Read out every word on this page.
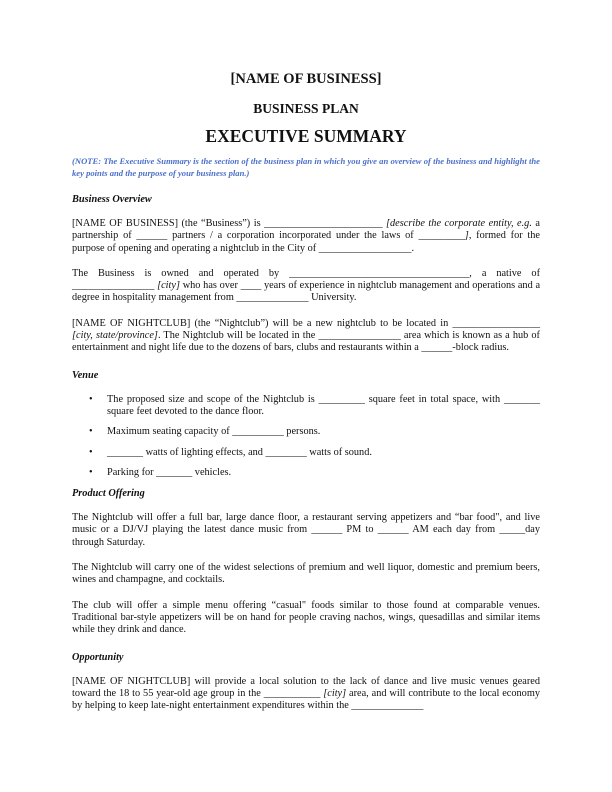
[NAME OF BUSINESS]
BUSINESS PLAN
EXECUTIVE SUMMARY
(NOTE: The Executive Summary is the section of the business plan in which you give an overview of the business and highlight the key points and the purpose of your business plan.)
Business Overview

[NAME OF BUSINESS] (the “Business”) is _______________________ [describe the corporate entity, e.g. a partnership of ______ partners / a corporation incorporated under the laws of _________], formed for the purpose of opening and operating a nightclub in the City of __________________.

The Business is owned and operated by ___________________________________, a native of ________________ [city] who has over ____ years of experience in nightclub management and operations and a degree in hospitality management from ______________ University.

[NAME OF NIGHTCLUB] (the “Nightclub”) will be a new nightclub to be located in _________________ [city, state/province]. The Nightclub will be located in the ________________ area which is known as a hub of entertainment and night life due to the dozens of bars, clubs and restaurants within a ______-block radius.

Venue
• The proposed size and scope of the Nightclub is _________ square feet in total space, with _______ square feet devoted to the dance floor.
• Maximum seating capacity of __________ persons.
• _______ watts of lighting effects, and ________ watts of sound.
• Parking for _______ vehicles.
Product Offering

The Nightclub will offer a full bar, large dance floor, a restaurant serving appetizers and “bar food", and live music or a DJ/VJ playing the latest dance music from ______ PM to ______ AM each day from _____day through Saturday.

The Nightclub will carry one of the widest selections of premium and well liquor, domestic and premium beers, wines and champagne, and cocktails.

The club will offer a simple menu offering “casual" foods similar to those found at comparable venues. Traditional bar-style appetizers will be on hand for people craving nachos, wings, quesadillas and similar items while they drink and dance.

Opportunity

[NAME OF NIGHTCLUB] will provide a local solution to the lack of dance and live music venues geared toward the 18 to 55 year-old age group in the ___________ [city] area, and will contribute to the local economy by helping to keep late-night entertainment expenditures within the ______________
